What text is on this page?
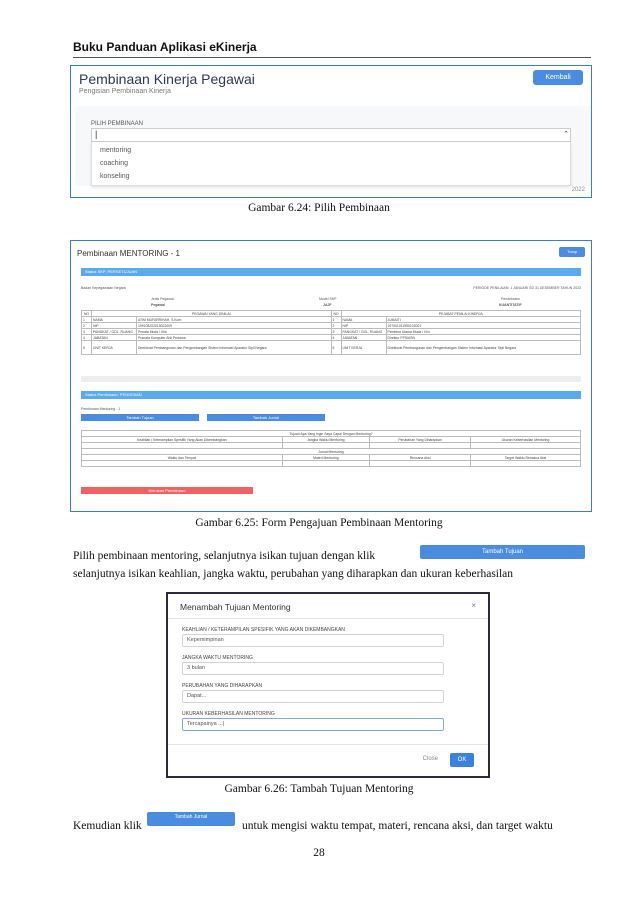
Buku Panduan Aplikasi eKinerja
Pembinaan Kinerja Pegawai
Pengisian Pembinaan Kinerja
Kembali
PILIH PEMBINAAN
|	⌃
mentoring
coaching
konseling
2022
Gambar 6.24: Pilih Pembinaan
Pembinaan MENTORING - 1	Tutup
Status SKP: PERSETUJUAN
Badan Kepegawaian Negara	PERIODE PENILAIAN: 1 JANUARI SD 31 DESEMBER TAHUN 2023
Jenis Pegawai	Model SKP	Pendekatan
Pegawai	JAJF	KUANTITATIF
NO	PEGAWAI YANG DINILAI		NO	PEJABAT PENILAI KINERJA	
1	NAMA	ATIM MUFARRIHAH, S.Kom	1	NAMA	JUMAITI
2	NIP	199108202019022009	2	NIP	197001011990102001
3	PANGKAT / GOL. RUANG	Penata Muda / III/a	3	PANGKAT / GOL. RUANG	Pembina Utama Muda / IV/c
4	JABATAN	Pranata Komputer Ahli Pertama	4	JABATAN	Direktur PPSIASN
5	UNIT KERJA	Direktorat Pembangunan dan Pengembangan Sistem Informasi Aparatur Sipil Negara	5	UNIT KERJA	Direktorat Pembangunan dan Pengembangan Sistem Informasi Aparatur Sipil Negara
Status Pembinaan: PENGISIAN
Pembinaan Mentoring - 1
Tambah Tujuan	Tambah Jurnal
Tujuan Apa Yang Ingin Saya Capai Dengan Mentoring?			
Keahlian / Keterampilan Spesifik Yang Akan Dikembangkan	Jangka Waktu Mentoring	Perubahan Yang Diharapkan	Ukuran Keberhasilan Mentoring

Jurnal Mentoring			
Waktu dan Tempat	Materi Mentoring	Rencana Aksi	Target Waktu Rencana Aksi

Kirimkan Pembinaan
Gambar 6.25: Form Pengajuan Pembinaan Mentoring
Pilih pembinaan mentoring, selanjutnya isikan tujuan dengan klik	Tambah Tujuan
selanjutnya isikan keahlian, jangka waktu, perubahan yang diharapkan dan ukuran keberhasilan
Menambah Tujuan Mentoring	×
KEAHLIAN / KETERAMPILAN SPESIFIK YANG AKAN DIKEMBANGKAN
Kepemimpinan
JANGKA WAKTU MENTORING
3 bulan
PERUBAHAN YANG DIHARAPKAN
Dapat...
UKURAN KEBERHASILAN MENTORING
Tercapainya ...|
Close	OK
Gambar 6.26: Tambah Tujuan Mentoring
Kemudian klik
Tambah Jurnal
untuk mengisi waktu tempat, materi, rencana aksi, dan target waktu
28
